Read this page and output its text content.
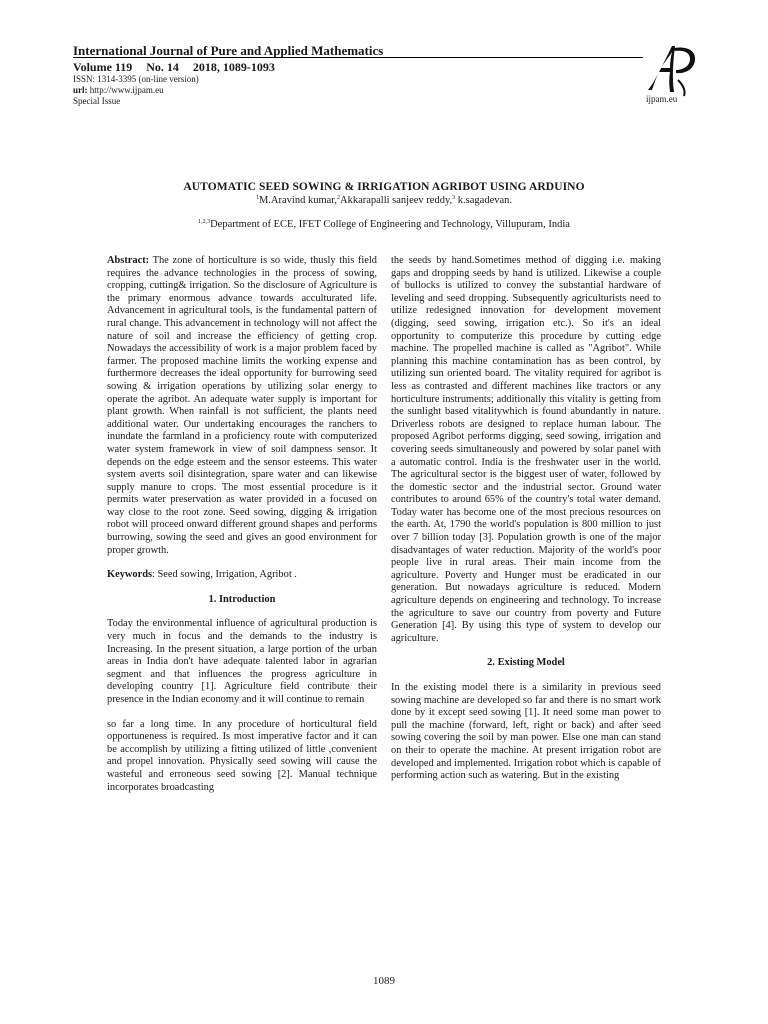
International Journal of Pure and Applied Mathematics
Volume 119 No. 14 2018, 1089-1093
ISSN: 1314-3395 (on-line version)
url: http://www.ijpam.eu
Special Issue	ijpam.eu
AUTOMATIC SEED SOWING & IRRIGATION AGRIBOT USING ARDUINO
$^1$M.Aravind kumar,$^2$Akkarapalli sanjeev reddy,$^3$ k.sagadevan.
$^{1,2,3}$Department of ECE, IFET College of Engineering and Technology, Villupuram, India

Abstract: The zone of horticulture is so wide, thusly this field requires the advance technologies in the process of sowing, cropping, cutting& irrigation. So the disclosure of Agriculture is the primary enormous advance towards acculturated life. Advancement in agricultural tools, is the fundamental pattern of rural change. This advancement in technology will not affect the nature of soil and increase the efficiency of getting crop. Nowadays the accessibility of work is a major problem faced by farmer. The proposed machine limits the working expense and furthermore decreases the ideal opportunity for burrowing seed sowing & irrigation operations by utilizing solar energy to operate the agribot. An adequate water supply is important for plant growth. When rainfall is not sufficient, the plants need additional water. Our undertaking encourages the ranchers to inundate the farmland in a proficiency route with computerized water system framework in view of soil dampness sensor. It depends on the edge esteem and the sensor esteems. This water system averts soil disintegration, spare water and can likewise supply manure to crops. The most essential procedure is it permits water preservation as water provided in a focused on way close to the root zone. Seed sowing, digging & irrigation robot will proceed onward different ground shapes and performs burrowing, sowing the seed and gives an good environment for proper growth.

Keywords: Seed sowing, Irrigation, Agribot .

1. Introduction

Today the environmental influence of agricultural production is very much in focus and the demands to the industry is Increasing. In the present situation, a large portion of the urban areas in India don't have adequate talented labor in agrarian segment and that influences the progress agriculture in developing country [1]. Agriculture field contribute their presence in the Indian economy and it will continue to remain

so far a long time. In any procedure of horticultural field opportuneness is required. Is most imperative factor and it can be accomplish by utilizing a fitting utilized of little ,convenient and propel innovation. Physically seed sowing will cause the wasteful and erroneous seed sowing [2]. Manual technique incorporates broadcasting

the seeds by hand.Sometimes method of digging i.e. making gaps and dropping seeds by hand is utilized. Likewise a couple of bullocks is utilized to convey the substantial hardware of leveling and seed dropping. Subsequently agriculturists need to utilize redesigned innovation for development movement (digging, seed sowing, irrigation etc.). So it's an ideal opportunity to computerize this procedure by cutting edge machine. The propelled machine is called as "Agribot". While planning this machine contamination has as been control, by utilizing sun oriented board. The vitality required for agribot is less as contrasted and different machines like tractors or any horticulture instruments; additionally this vitality is getting from the sunlight based vitalitywhich is found abundantly in nature. Driverless robots are designed to replace human labour. The proposed Agribot performs digging, seed sowing, irrigation and covering seeds simultaneously and powered by solar panel with a automatic control. India is the freshwater user in the world. The agricultural sector is the biggest user of water, followed by the domestic sector and the industrial sector. Ground water contributes to around 65% of the country's total water demand. Today water has become one of the most precious resources on the earth. At, 1790 the world's population is 800 million to just over 7 billion today [3]. Population growth is one of the major disadvantages of water reduction. Majority of the world's poor people live in rural areas. Their main income from the agriculture. Poverty and Hunger must be eradicated in our generation. But nowadays agriculture is reduced. Modern agriculture depends on engineering and technology. To increase the agriculture to save our country from poverty and Future Generation [4]. By using this type of system to develop our agriculture.

2. Existing Model

In the existing model there is a similarity in previous seed sowing machine are developed so far and there is no smart work done by it except seed sowing [1]. It need some man power to pull the machine (forward, left, right or back) and after seed sowing covering the soil by man power. Else one man can stand on their to operate the machine. At present irrigation robot are developed and implemented. Irrigation robot which is capable of performing action such as watering. But in the existing

1089
